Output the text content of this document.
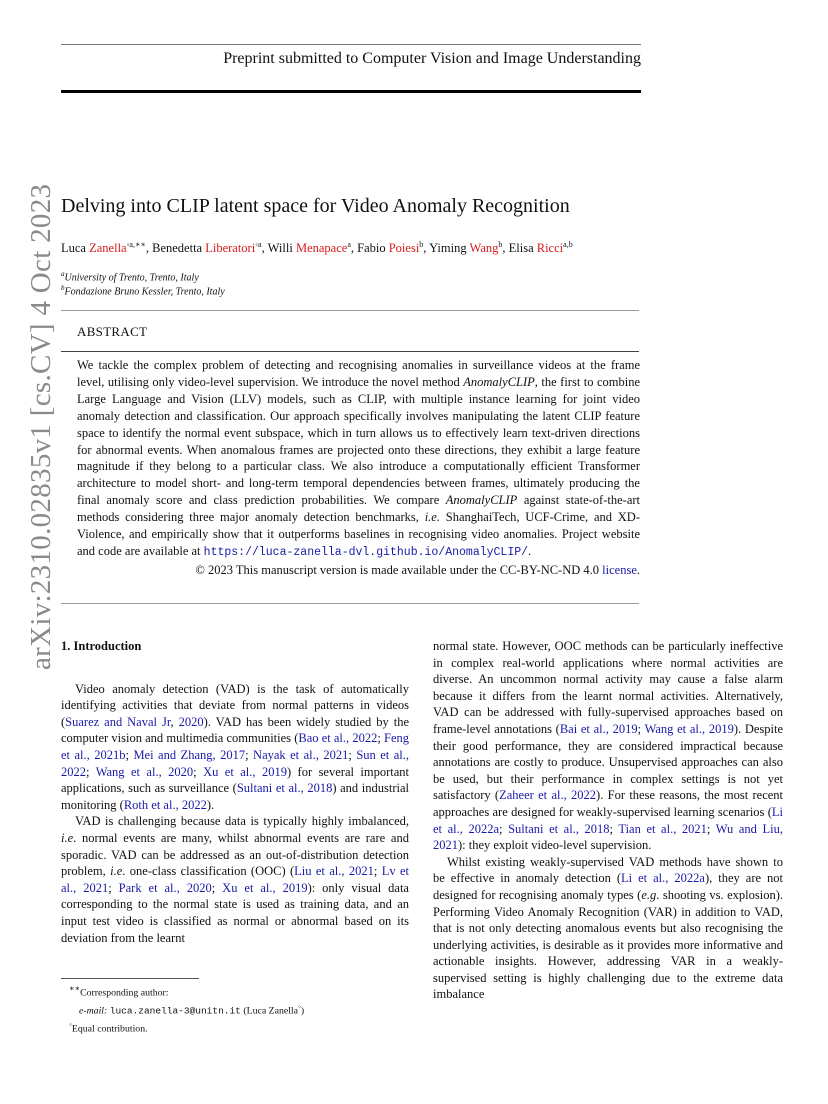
Preprint submitted to Computer Vision and Image Understanding
arXiv:2310.02835v1 [cs.CV] 4 Oct 2023 Delving into CLIP latent space for Video Anomaly Recognition
Luca Zanella$^{◦a,∗∗}$, Benedetta Liberatori$^{◦a}$, Willi Menapace$^a$, Fabio Poiesi$^b$, Yiming Wang$^b$, Elisa Ricci$^{a,b}$
$^a$University of Trento, Trento, Italy
$^b$Fondazione Bruno Kessler, Trento, Italy
ABSTRACT
We tackle the complex problem of detecting and recognising anomalies in surveillance videos at the frame level, utilising only video-level supervision. We introduce the novel method AnomalyCLIP, the first to combine Large Language and Vision (LLV) models, such as CLIP, with multiple instance learning for joint video anomaly detection and classification. Our approach specifically involves manipulating the latent CLIP feature space to identify the normal event subspace, which in turn allows us to effectively learn text-driven directions for abnormal events. When anomalous frames are projected onto these directions, they exhibit a large feature magnitude if they belong to a particular class. We also introduce a computationally efficient Transformer architecture to model short- and long-term temporal dependencies between frames, ultimately producing the final anomaly score and class prediction probabilities. We compare AnomalyCLIP against state-of-the-art methods considering three major anomaly detection benchmarks, i.e. ShanghaiTech, UCF-Crime, and XD-Violence, and empirically show that it outperforms baselines in recognising video anomalies. Project website and code are available at https://luca-zanella-dvl.github.io/AnomalyCLIP/.
© 2023 This manuscript version is made available under the CC-BY-NC-ND 4.0 license.
1. Introduction

Video anomaly detection (VAD) is the task of automatically identifying activities that deviate from normal patterns in videos (Suarez and Naval Jr, 2020). VAD has been widely studied by the computer vision and multimedia communities (Bao et al., 2022; Feng et al., 2021b; Mei and Zhang, 2017; Nayak et al., 2021; Sun et al., 2022; Wang et al., 2020; Xu et al., 2019) for several important applications, such as surveillance (Sultani et al., 2018) and industrial monitoring (Roth et al., 2022).

VAD is challenging because data is typically highly imbalanced, i.e. normal events are many, whilst abnormal events are rare and sporadic. VAD can be addressed as an out-of-distribution detection problem, i.e. one-class classification (OOC) (Liu et al., 2021; Lv et al., 2021; Park et al., 2020; Xu et al., 2019): only visual data corresponding to the normal state is used as training data, and an input test video is classified as normal or abnormal based on its deviation from the learnt

normal state. However, OOC methods can be particularly ineffective in complex real-world applications where normal activities are diverse. An uncommon normal activity may cause a false alarm because it differs from the learnt normal activities. Alternatively, VAD can be addressed with fully-supervised approaches based on frame-level annotations (Bai et al., 2019; Wang et al., 2019). Despite their good performance, they are considered impractical because annotations are costly to produce. Unsupervised approaches can also be used, but their performance in complex settings is not yet satisfactory (Zaheer et al., 2022). For these reasons, the most recent approaches are designed for weakly-supervised learning scenarios (Li et al., 2022a; Sultani et al., 2018; Tian et al., 2021; Wu and Liu, 2021): they exploit video-level supervision.

Whilst existing weakly-supervised VAD methods have shown to be effective in anomaly detection (Li et al., 2022a), they are not designed for recognising anomaly types (e.g. shooting vs. explosion). Performing Video Anomaly Recognition (VAR) in addition to VAD, that is not only detecting anomalous events but also recognising the underlying activities, is desirable as it provides more informative and actionable insights. However, addressing VAR in a weakly-supervised setting is highly challenging due to the extreme data imbalance

∗∗Corresponding author:
e-mail: luca.zanella-3@unitn.it (Luca Zanella◦)
◦Equal contribution.
